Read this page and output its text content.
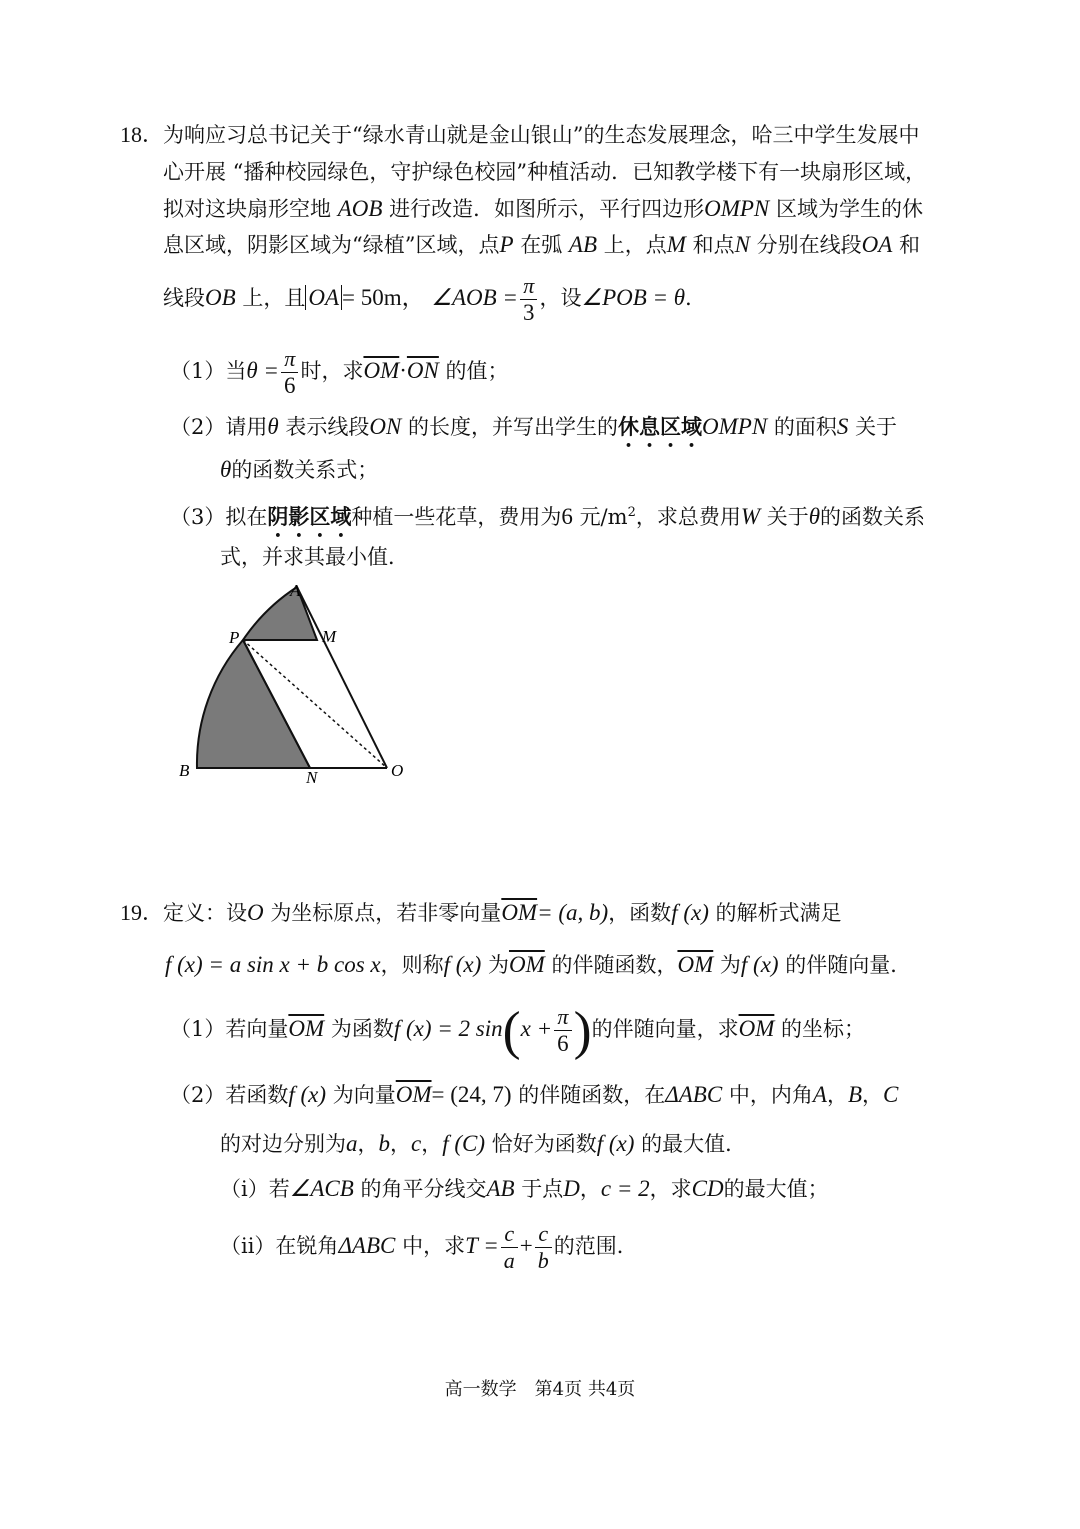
18．
为响应习总书记关于“绿水青山就是金山银山”的生态发展理念，哈三中学生发展中
心开展 “播种校园绿色，守护绿色校园”种植活动．已知教学楼下有一块扇形区域，
拟对这块扇形空地 AOB 进行改造．如图所示，平行四边形OMPN 区域为学生的休
息区域，阴影区域为“绿植”区域，点P 在弧 AB 上，点M 和点N 分别在线段OA 和
线段OB 上，且 OA = 50m， ∠AOB = $\frac{\pi}{3}$ ，设∠POB = θ．
（1）当$\theta = \frac{\pi}{6}$ 时，求$\overline{OM}\cdot\overline{ON}$ 的值；
（2）请用θ 表示线段ON 的长度，并写出学生的休息区域OMPN 的面积S 关于
θ的函数关系式；
（3）拟在阴影区域种植一些花草，费用为6 元$/m^2$，求总费用W 关于θ的函数关系
式，并求其最小值．
A
P	M
B	N	O
19．
定义：设O 为坐标原点，若非零向量$\overline{OM}= (a$, b)，函数f (x) 的解析式满足
f (x) = a sin x + b cos x，则称f (x) 为$\overline{OM}$ 的伴随函数，$\overline{OM}$ 为f (x) 的伴随向量．
（1）若向量$\overline{OM}$ 为函数f (x) = 2 $\sin(x + \frac{\pi}{6}$ )的伴随向量，求$\overline{OM}$ 的坐标；
（2）若函数f (x) 为向量$\overline{OM}= (24$, 7) 的伴随函数，在ΔABC 中，内角A，B，C
的对边分别为a，b，c，f (C) 恰好为函数f (x) 的最大值．
（i）若∠ACB 的角平分线交AB 于点D，c = 2，求CD的最大值；
（ii）在锐角ΔABC 中，求$T = \frac{c}{a} + \frac{c}{b}$ 的范围．
高一数学　第4页 共4页
